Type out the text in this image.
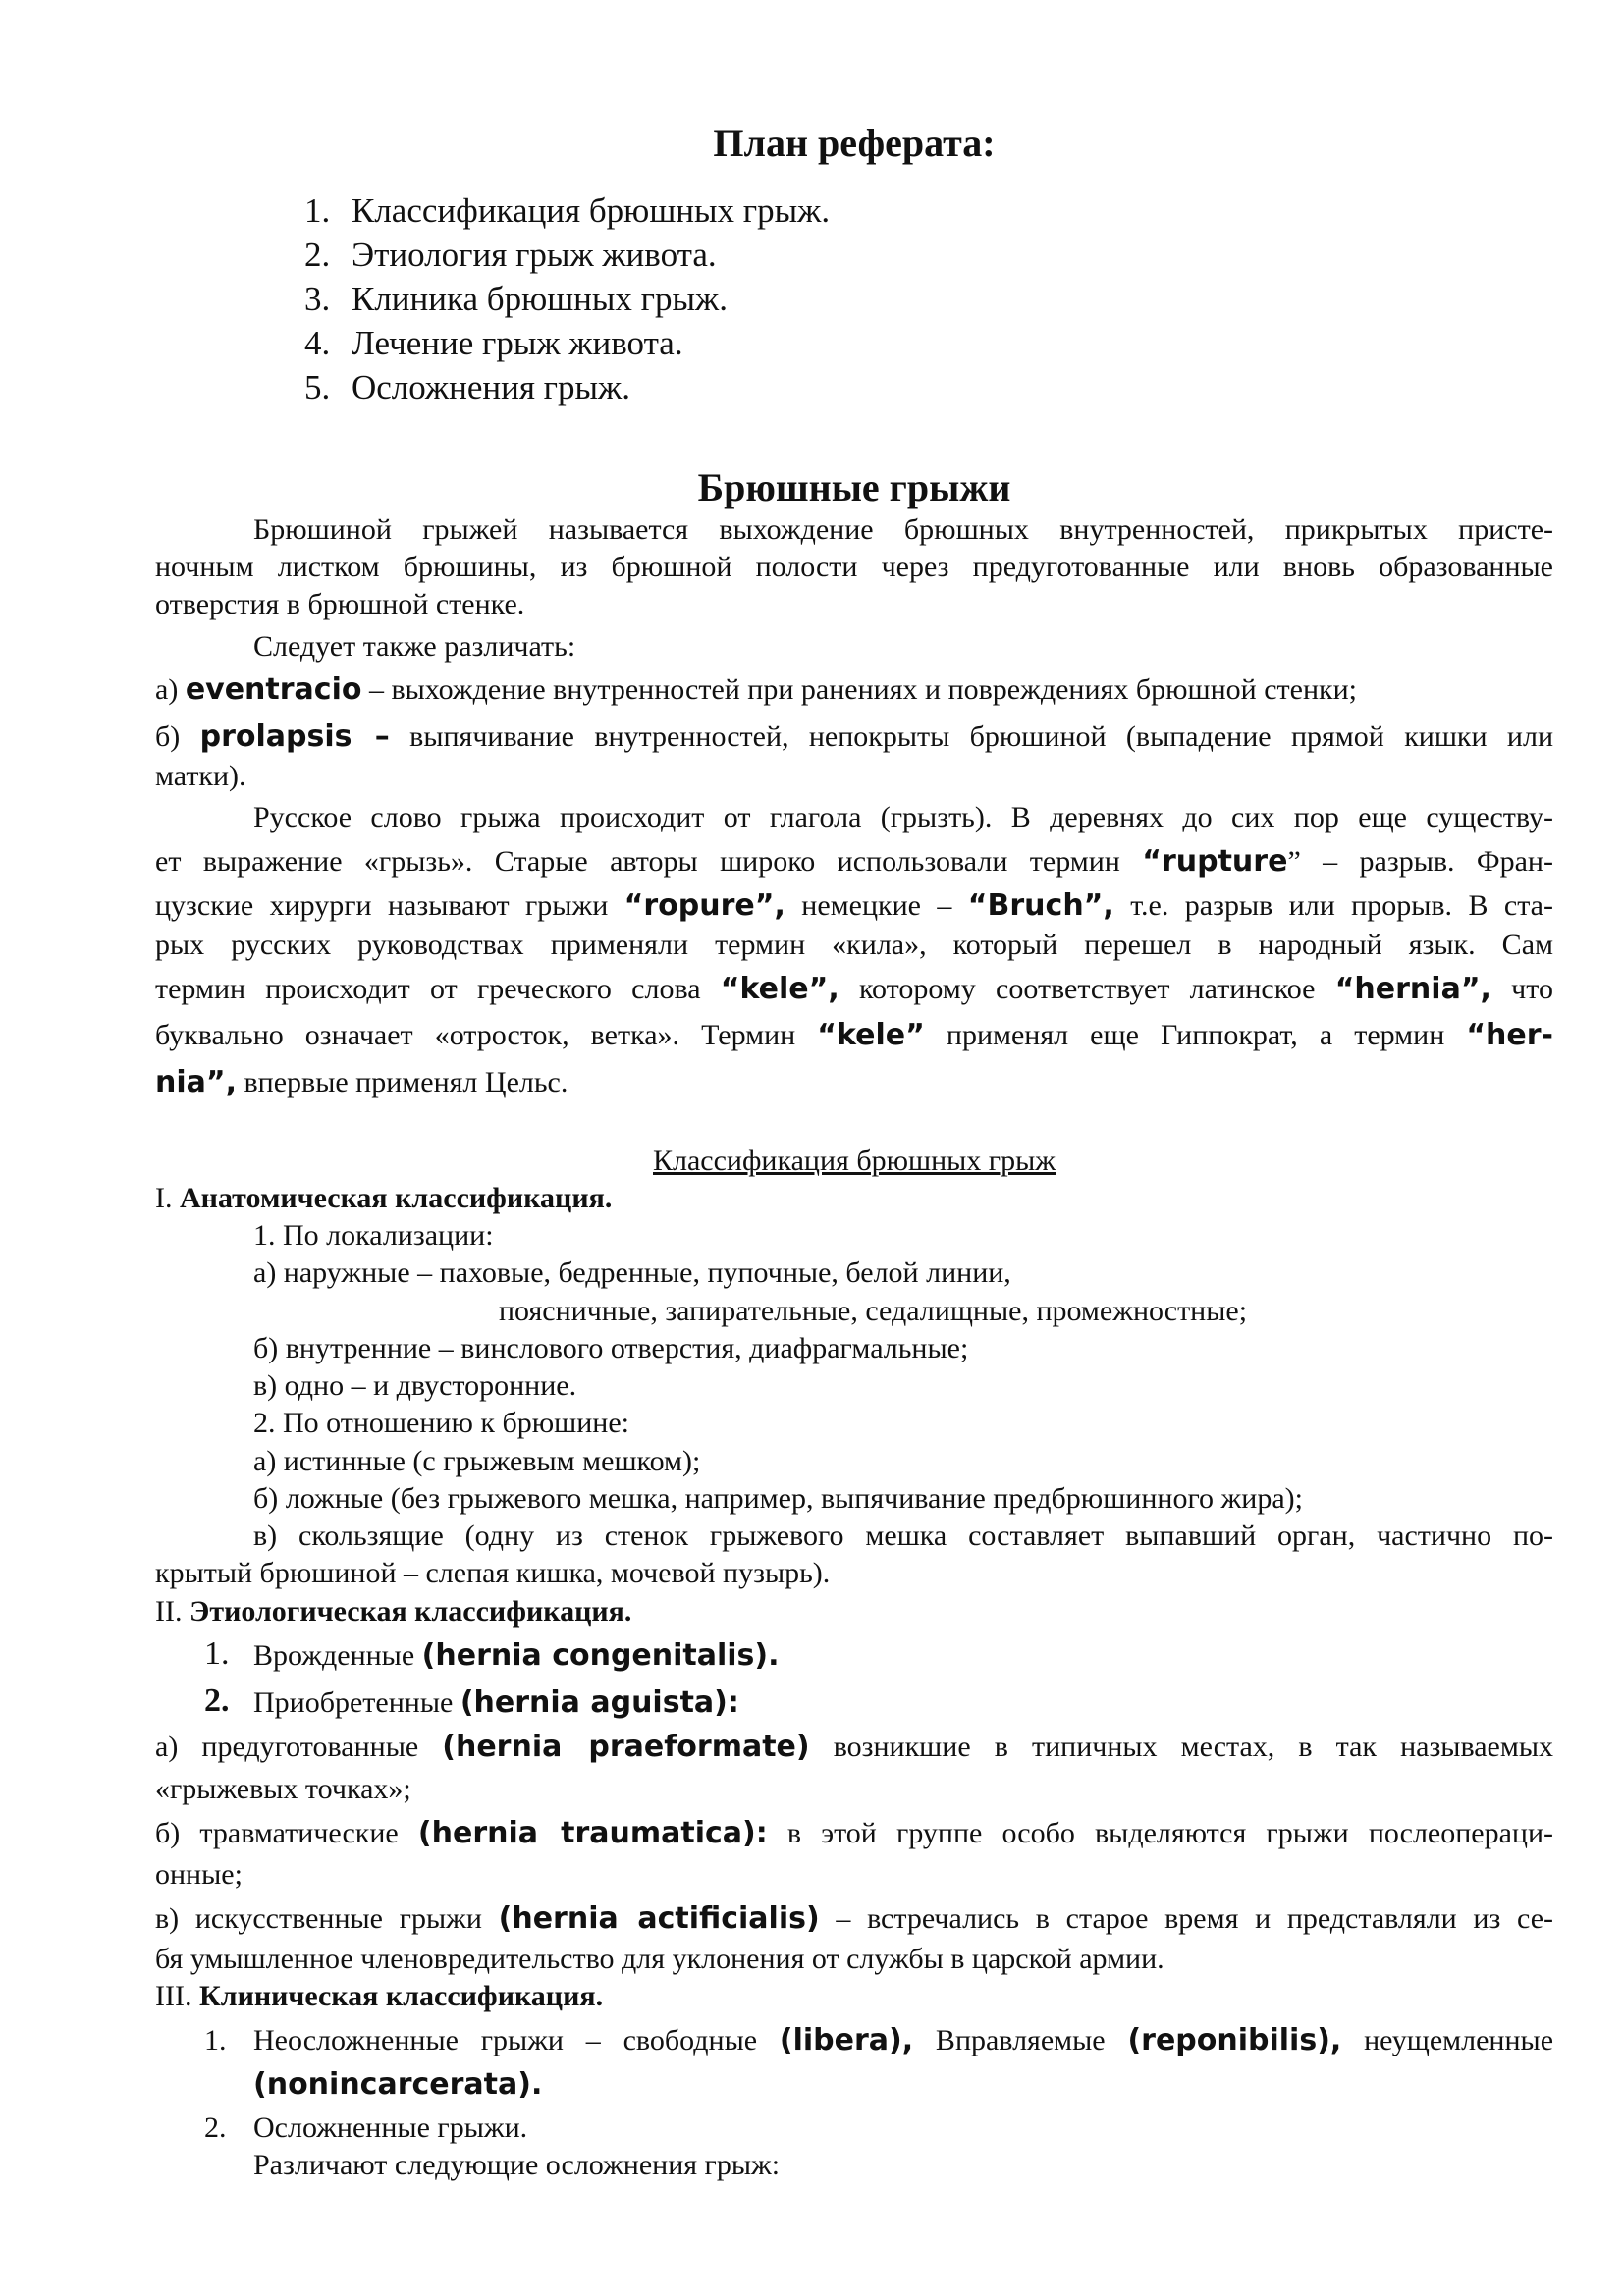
План реферата:
1. Классификация брюшных грыж.
2. Этиология грыж живота.
3. Клиника брюшных грыж.
4. Лечение грыж живота.
5. Осложнения грыж.
Брюшные грыжи
Брюшиной грыжей называется выхождение брюшных внутренностей, прикрытых присте-
ночным листком брюшины, из брюшной полости через предуготованные или вновь образованные
отверстия в брюшной стенке.
Следует также различать:
а) eventracio – выхождение внутренностей при ранениях и повреждениях брюшной стенки;
б) prolapsis – выпячивание внутренностей, непокрыты брюшиной (выпадение прямой кишки или
матки).
Русское слово грыжа происходит от глагола (грызть). В деревнях до сих пор еще существу-
ет выражение «грызь». Старые авторы широко использовали термин “rupture” – разрыв. Фран-
цузские хирурги называют грыжи “ropure”, немецкие – “Bruch”, т.е. разрыв или прорыв. В ста-
рых русских руководствах применяли термин «кила», который перешел в народный язык. Сам
термин происходит от греческого слова “kele”, которому соответствует латинское “hernia”, что
буквально означает «отросток, ветка». Термин “kele” применял еще Гиппократ, а термин “her-
nia”, впервые применял Цельс.
Классификация брюшных грыж
I. Анатомическая классификация.
1. По локализации:
а) наружные – паховые, бедренные, пупочные, белой линии,
поясничные, запирательные, седалищные, промежностные;
б) внутренние – винслового отверстия, диафрагмальные;
в) одно – и двусторонние.
2. По отношению к брюшине:
а) истинные (с грыжевым мешком);
б) ложные (без грыжевого мешка, например, выпячивание предбрюшинного жира);
в) скользящие (одну из стенок грыжевого мешка составляет выпавший орган, частично по-
крытый брюшиной – слепая кишка, мочевой пузырь).
II. Этиологическая классификация.
1. Врожденные (hernia congenitalis).
2. Приобретенные (hernia aguista):
а) предуготованные (hernia praeformate) возникшие в типичных местах, в так называемых
«грыжевых точках»;
б) травматические (hernia traumatica): в этой группе особо выделяются грыжи послеопераци-
онные;
в) искусственные грыжи (hernia actificialis) – встречались в старое время и представляли из се-
бя умышленное членовредительство для уклонения от службы в царской армии.
III. Клиническая классификация.
1. Неосложненные грыжи – свободные (libera), Вправляемые (reponibilis), неущемленные
(nonincarcerata).
2. Осложненные грыжи.
Различают следующие осложнения грыж:
